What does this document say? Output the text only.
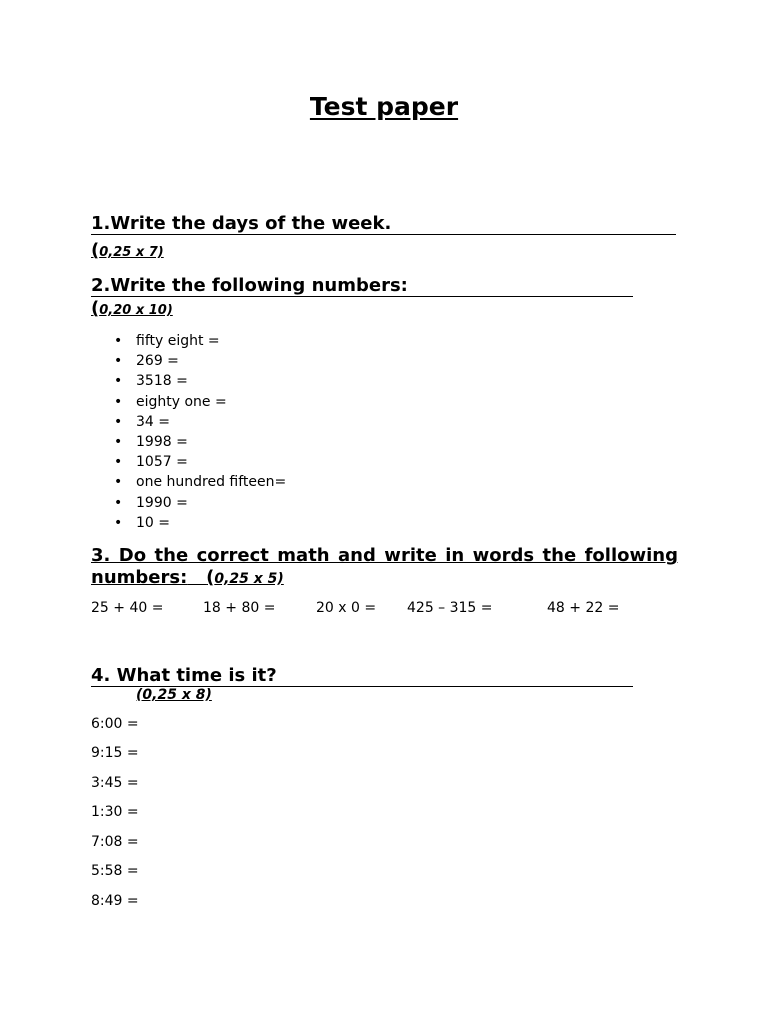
Test paper
1.Write the days of the week.
(0,25 x 7)
2.Write the following numbers:
(0,20 x 10)
• fifty eight =
• 269 =
• 3518 =
• eighty one =
• 34 =
• 1998 =
• 1057 =
• one hundred fifteen=
• 1990 =
• 10 =
3. Do the correct math and write in words the following numbers: (0,25 x 5)
25 + 40 =	18 + 80 =	20 x 0 = 425 – 315 =	48 + 22 =
4. What time is it?
(0,25 x 8)
6:00 =
9:15 =
3:45 =
1:30 =
7:08 =
5:58 =
8:49 =
